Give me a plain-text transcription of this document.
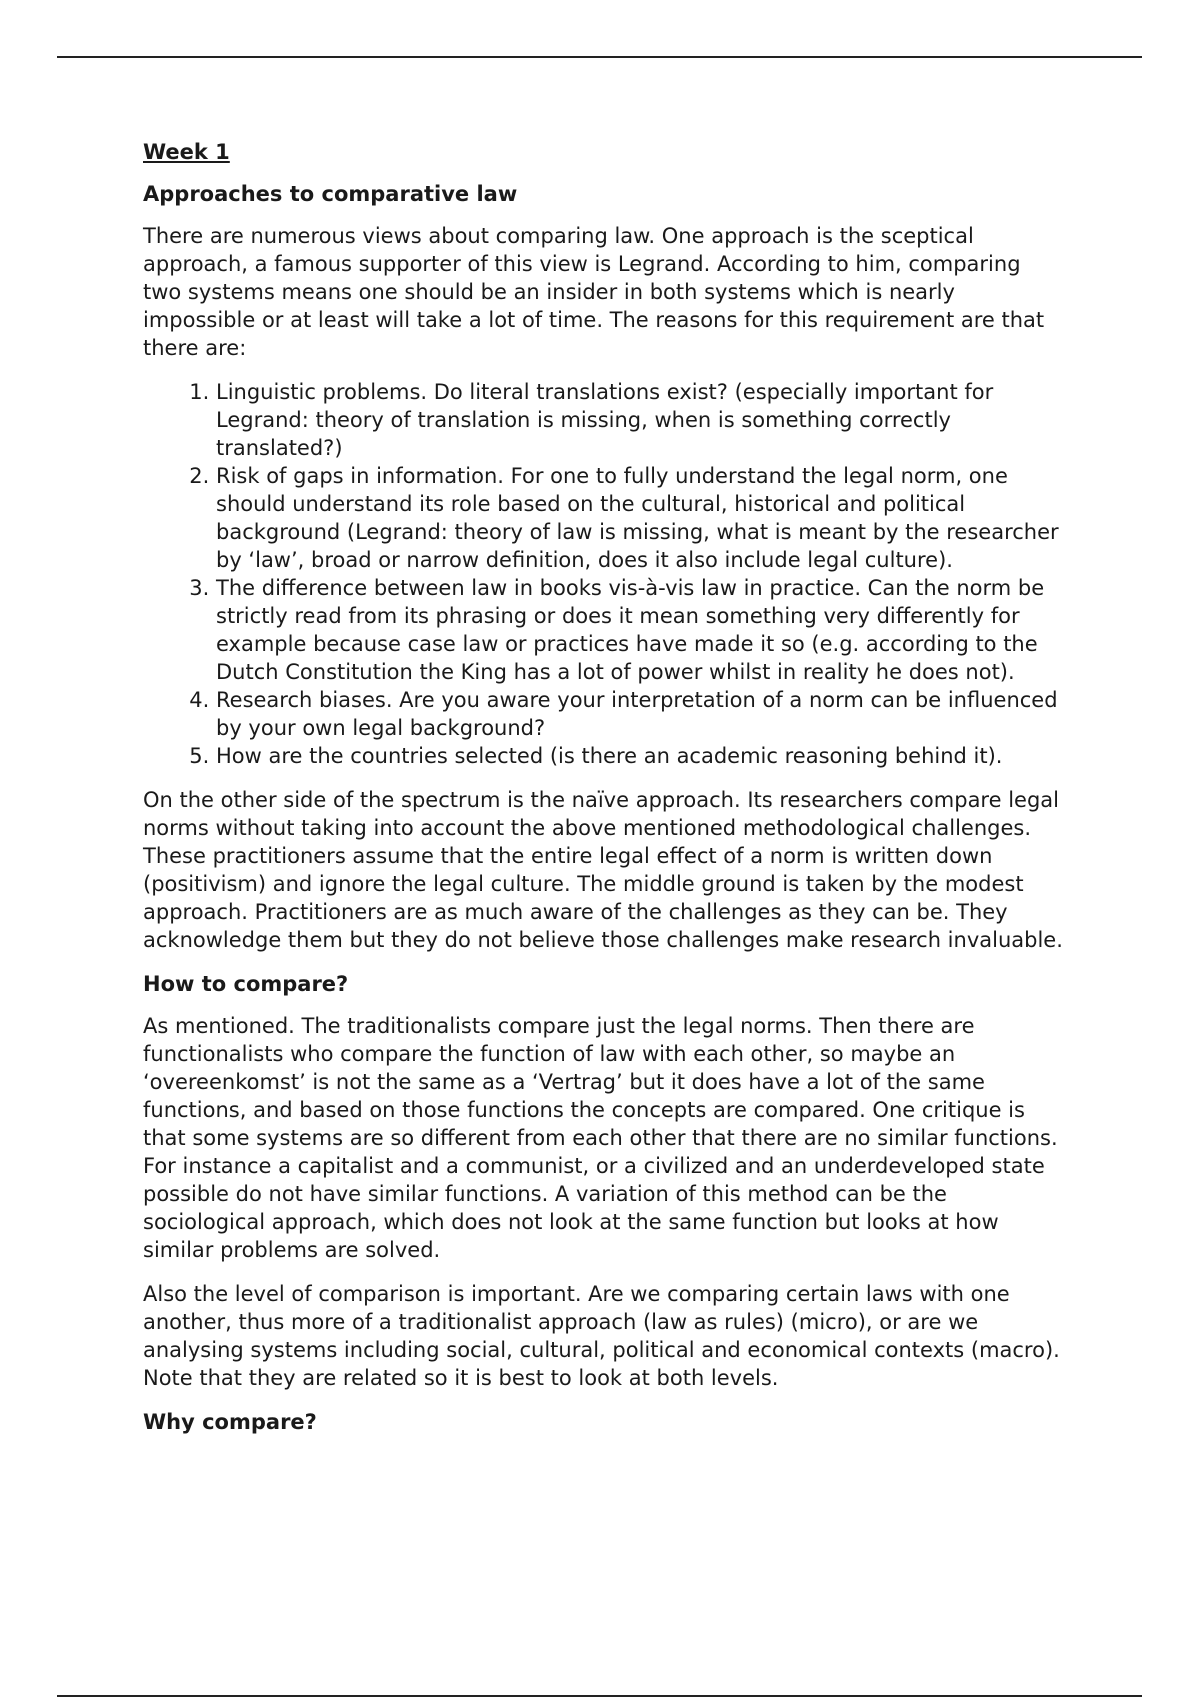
Week 1
Approaches to comparative law
There are numerous views about comparing law. One approach is the sceptical approach, a famous supporter of this view is Legrand. According to him, comparing two systems means one should be an insider in both systems which is nearly impossible or at least will take a lot of time. The reasons for this requirement are that there are:
1. Linguistic problems. Do literal translations exist? (especially important for Legrand: theory of translation is missing, when is something correctly translated?)
2. Risk of gaps in information. For one to fully understand the legal norm, one should understand its role based on the cultural, historical and political background (Legrand: theory of law is missing, what is meant by the researcher by ‘law’, broad or narrow definition, does it also include legal culture).
3. The difference between law in books vis-à-vis law in practice. Can the norm be strictly read from its phrasing or does it mean something very differently for example because case law or practices have made it so (e.g. according to the Dutch Constitution the King has a lot of power whilst in reality he does not).
4. Research biases. Are you aware your interpretation of a norm can be influenced by your own legal background?
5. How are the countries selected (is there an academic reasoning behind it).
On the other side of the spectrum is the naïve approach. Its researchers compare legal norms without taking into account the above mentioned methodological challenges. These practitioners assume that the entire legal effect of a norm is written down (positivism) and ignore the legal culture. The middle ground is taken by the modest approach. Practitioners are as much aware of the challenges as they can be. They acknowledge them but they do not believe those challenges make research invaluable.
How to compare?
As mentioned. The traditionalists compare just the legal norms. Then there are functionalists who compare the function of law with each other, so maybe an ‘overeenkomst’ is not the same as a ‘Vertrag’ but it does have a lot of the same functions, and based on those functions the concepts are compared. One critique is that some systems are so different from each other that there are no similar functions. For instance a capitalist and a communist, or a civilized and an underdeveloped state possible do not have similar functions. A variation of this method can be the sociological approach, which does not look at the same function but looks at how similar problems are solved.
Also the level of comparison is important. Are we comparing certain laws with one another, thus more of a traditionalist approach (law as rules) (micro), or are we analysing systems including social, cultural, political and economical contexts (macro). Note that they are related so it is best to look at both levels.
Why compare?
